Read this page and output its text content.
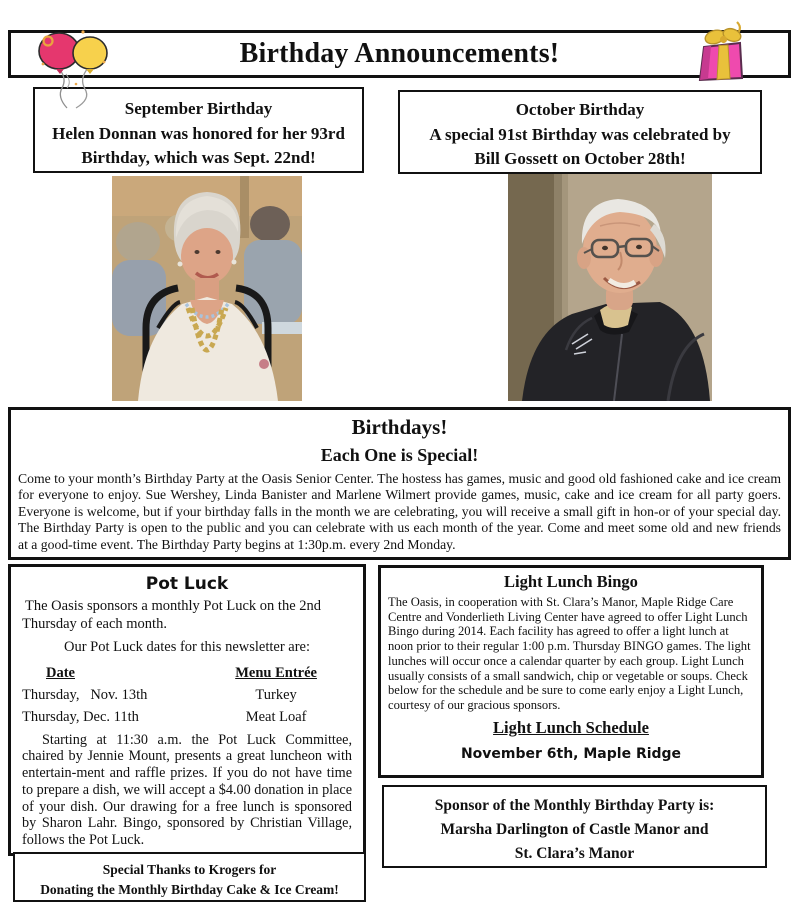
Birthday Announcements!
September Birthday
Helen Donnan was honored for her 93rd
Birthday, which was Sept. 22nd!
October Birthday
A special 91st Birthday was celebrated by
Bill Gossett on October 28th!
Birthdays!
Each One is Special!
Come to your month’s Birthday Party at the Oasis Senior Center. The hostess has games, music and good old fashioned cake and ice cream for everyone to enjoy. Sue Wershey, Linda Banister and Marlene Wilmert provide games, music, cake and ice cream for all party goers. Everyone is welcome, but if your birthday falls in the month we are celebrating, you will receive a small gift in hon-or of your special day. The Birthday Party is open to the public and you can celebrate with us each month of the year. Come and meet some old and new friends at a good-time event. The Birthday Party begins at 1:30p.m. every 2nd Monday.
Pot Luck
The Oasis sponsors a monthly Pot Luck on the 2nd Thursday of each month.
Our Pot Luck dates for this newsletter are:
Date	Menu Entrée
Thursday,   Nov. 13th	Turkey
Thursday, Dec. 11th	Meat Loaf
Starting at 11:30 a.m. the Pot Luck Committee, chaired by Jennie Mount, presents a great luncheon with entertain-ment and raffle prizes. If you do not have time to prepare a dish, we will accept a $4.00 donation in place of your dish. Our drawing for a free lunch is sponsored by Sharon Lahr. Bingo, sponsored by Christian Village, follows the Pot Luck.
Special Thanks to Krogers for
Donating the Monthly Birthday Cake & Ice Cream!
Light Lunch Bingo
The Oasis, in cooperation with St. Clara’s Manor, Maple Ridge Care Centre and Vonderlieth Living Center have agreed to offer Light Lunch Bingo during 2014. Each facility has agreed to offer a light lunch at noon prior to their regular 1:00 p.m. Thursday BINGO games. The light lunches will occur once a calendar quarter by each group. Light Lunch usually consists of a small sandwich, chip or vegetable or soups. Check below for the schedule and be sure to come early enjoy a Light Lunch, courtesy of our gracious sponsors.
Light Lunch Schedule
November 6th, Maple Ridge
Sponsor of the Monthly Birthday Party is:
Marsha Darlington of Castle Manor and
St. Clara’s Manor
